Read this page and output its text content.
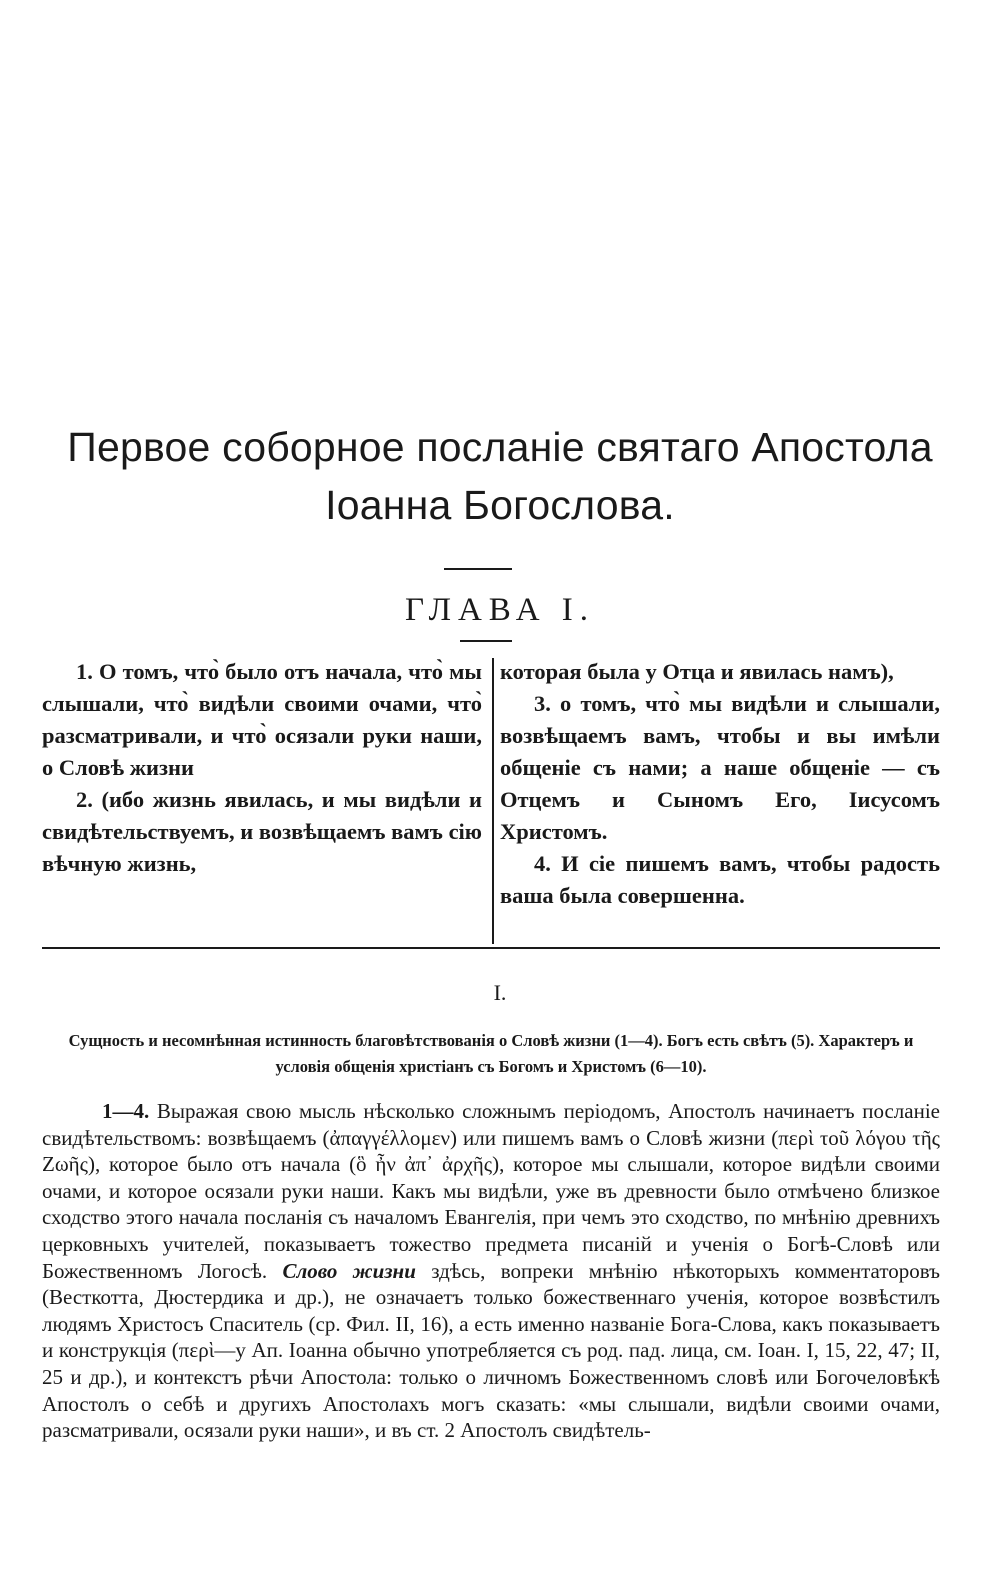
Первое соборное посланіе святаго Апостола
Іоанна Богослова.
ГЛАВА I.

1. О томъ, что̀ было отъ начала, что̀ мы слышали, что̀ видѣли своими очами, что̀ разсматривали, и что̀ осязали руки наши, о Словѣ жизни

2. (ибо жизнь явилась, и мы видѣли и свидѣтельствуемъ, и возвѣщаемъ вамъ сію вѣчную жизнь,

которая была у Отца и явилась намъ),

3. о томъ, что̀ мы видѣли и слышали, возвѣщаемъ вамъ, чтобы и вы имѣли общеніе съ нами; а наше общеніе — съ Отцемъ и Сыномъ Его, Іисусомъ Христомъ.

4. И сіе пишемъ вамъ, чтобы радость ваша была совершенна.

I.

Сущность и несомнѣнная истинность благовѣтствованія о Словѣ жизни (1—4). Богъ есть свѣтъ (5). Характеръ и условія общенія христіанъ съ Богомъ и Христомъ (6—10).

1—4. Выражая свою мысль нѣсколько сложнымъ періодомъ, Апостолъ начинаетъ посланіе свидѣтельствомъ: возвѣщаемъ (ἀπαγγέλλομεν) или пишемъ вамъ о Словѣ жизни (περὶ τοῦ λόγου τῆς Ζωῆς), которое было отъ начала (ὃ ἦν ἀπ᾿ ἀρχῆς), которое мы слышали, которое видѣли своими очами, и которое осязали руки наши. Какъ мы видѣли, уже въ древности было отмѣчено близкое сходство этого начала посланія съ началомъ Евангелія, при чемъ это сходство, по мнѣнію древнихъ церковныхъ учителей, показываетъ тожество предмета писаній и ученія о Богѣ-Словѣ или Божественномъ Логосѣ. Слово жизни здѣсь, вопреки мнѣнію нѣкоторыхъ комментаторовъ (Весткотта, Дюстердика и др.), не означаетъ только божественнаго ученія, которое возвѣстилъ людямъ Христосъ Спаситель (ср. Фил. II, 16), а есть именно названіе Бога-Слова, какъ показываетъ и конструкція (περὶ—у Ап. Іоанна обычно употребляется съ род. пад. лица, см. Іоан. I, 15, 22, 47; II, 25 и др.), и контекстъ рѣчи Апостола: только о личномъ Божественномъ словѣ или Богочеловѣкѣ Апостолъ о себѣ и другихъ Апостолахъ могъ сказать: «мы слышали, видѣли своими очами, разсматривали, осязали руки наши», и въ ст. 2 Апостолъ свидѣтель-
